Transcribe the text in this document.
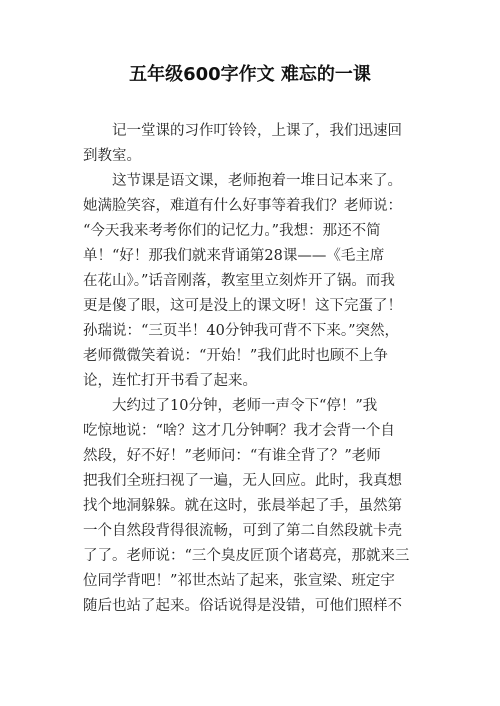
五年级600字作文 难忘的一课
　　记一堂课的习作叮铃铃，上课了，我们迅速回
到教室。
　　这节课是语文课，老师抱着一堆日记本来了。
她满脸笑容，难道有什么好事等着我们？老师说：
“今天我来考考你们的记忆力。”我想：那还不简
单！“好！那我们就来背诵第28课——《毛主席
在花山》。”话音刚落，教室里立刻炸开了锅。而我
更是傻了眼，这可是没上的课文呀！这下完蛋了！
孙瑞说：“三页半！40分钟我可背不下来。”突然，
老师微微笑着说：“开始！”我们此时也顾不上争
论，连忙打开书看了起来。
　　大约过了10分钟，老师一声令下“停！”我
吃惊地说：“啥？这才几分钟啊？我才会背一个自
然段，好不好！”老师问：“有谁全背了？”老师
把我们全班扫视了一遍，无人回应。此时，我真想
找个地洞躲躲。就在这时，张晨举起了手，虽然第
一个自然段背得很流畅，可到了第二自然段就卡壳
了了。老师说：“三个臭皮匠顶个诸葛亮，那就来三
位同学背吧！”祁世杰站了起来，张宣梁、班定宇
随后也站了起来。俗话说得是没错，可他们照样不
